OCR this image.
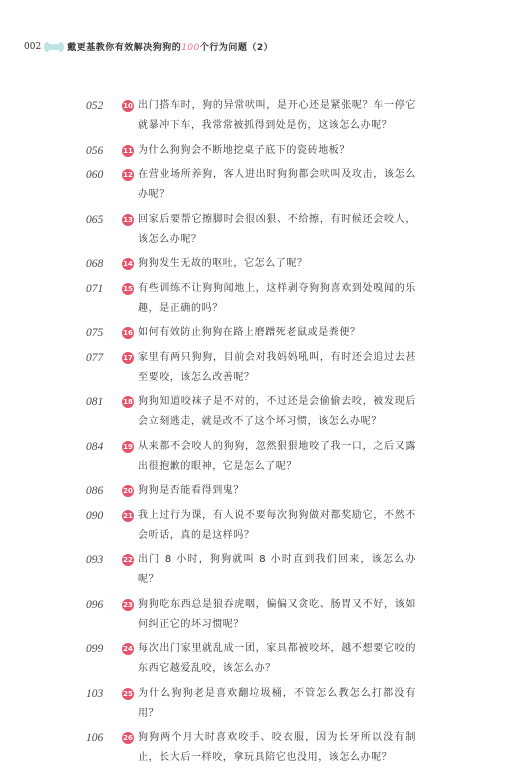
002	戴更基教你有效解决狗狗的100个行为问题（2）
052	10 出门搭车时，狗的异常吠叫，是开心还是紧张呢？车一停它就暴冲下车，我常常被抓得到处是伤，这该怎么办呢？
056	11 为什么狗狗会不断地挖桌子底下的瓷砖地板？
060	12 在营业场所养狗，客人进出时狗狗都会吠叫及攻击，该怎么办呢？
065	13 回家后要帮它擦脚时会很凶狠、不给擦，有时候还会咬人，该怎么办呢？
068	14 狗狗发生无故的呕吐，它怎么了呢？
071	15 有些训练不让狗狗闻地上，这样剥夺狗狗喜欢到处嗅闻的乐趣，是正确的吗？
075	16 如何有效防止狗狗在路上磨蹭死老鼠或是粪便？
077	17 家里有两只狗狗，目前会对我妈妈吼叫，有时还会追过去甚至要咬，该怎么改善呢？
081	18 狗狗知道咬袜子是不对的，不过还是会偷偷去咬，被发现后会立刻逃走，就是改不了这个坏习惯，该怎么办呢？
084	19 从来都不会咬人的狗狗，忽然狠狠地咬了我一口，之后又露出很抱歉的眼神，它是怎么了呢？
086	20 狗狗是否能看得到鬼？
090	21 我上过行为课，有人说不要每次狗狗做对都奖励它，不然不会听话，真的是这样吗？
093	22 出门 8 小时，狗狗就叫 8 小时直到我们回来，该怎么办呢？
096	23 狗狗吃东西总是狼吞虎咽，偏偏又贪吃、肠胃又不好，该如何纠正它的坏习惯呢？
099	24 每次出门家里就乱成一团，家具都被咬坏，越不想要它咬的东西它越爱乱咬，该怎么办？
103	25 为什么狗狗老是喜欢翻垃圾桶，不管怎么教怎么打都没有用？
106	26 狗狗两个月大时喜欢咬手、咬衣服，因为长牙所以没有制止，长大后一样咬，拿玩具陪它也没用，该怎么办呢？
